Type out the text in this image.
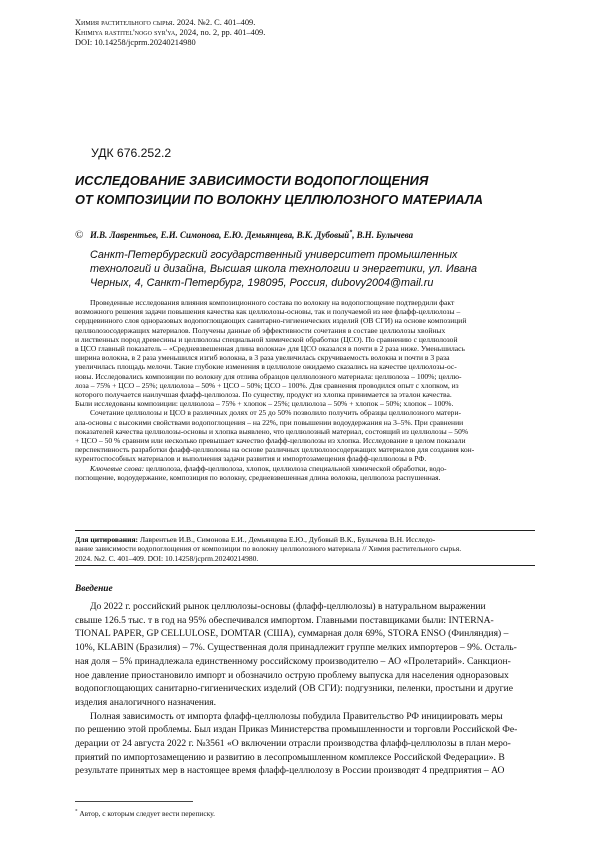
Химия растительного сырья. 2024. №2. С. 401–409.
Khimiya rastitel'nogo syr'ya, 2024, no. 2, pp. 401–409.
DOI: 10.14258/jcprm.20240214980
УДК 676.252.2
ИССЛЕДОВАНИЕ ЗАВИСИМОСТИ ВОДОПОГЛОЩЕНИЯ
ОТ КОМПОЗИЦИИ ПО ВОЛОКНУ ЦЕЛЛЮЛОЗНОГО МАТЕРИАЛА
© И.В. Лаврентьев, Е.И. Симонова, Е.Ю. Демьянцева, В.К. Дубовый*, В.Н. Булычева
Санкт-Петербургский государственный университет промышленных
технологий и дизайна, Высшая школа технологии и энергетики, ул. Ивана
Черных, 4, Санкт-Петербург, 198095, Россия, dubovy2004@mail.ru
Проведенные исследования влияния композиционного состава по волокну на водопоглощение подтвердили факт
возможного решения задачи повышения качества как целлюлозы-основы, так и получаемой из нее флафф-целлюлозы –
сердцевинного слоя одноразовых водопоглощающих санитарно-гигиенических изделий (ОВ СГИ) на основе композиций
целлюлозосодержащих материалов. Получены данные об эффективности сочетания в составе целлюлозы хвойных
и лиственных пород древесины и целлюлозы специальной химической обработки (ЦСО). По сравнению с целлюлозой
в ЦСО главный показатель – «Средневзвешенная длина волокна» для ЦСО оказался в почти в 2 раза ниже. Уменьшилась
ширина волокна, в 2 раза уменьшился изгиб волокна, в 3 раза увеличилась скручиваемость волокна и почти в 3 раза
увеличилась площадь мелочи. Такие глубокие изменения в целлюлозе ожидаемо сказались на качестве целлюлозы-ос-
новы. Исследовались композиции по волокну для отлива образцов целлюлозного материала: целлюлоза – 100%; целлю-
лоза – 75% + ЦСО – 25%; целлюлоза – 50% + ЦСО – 50%; ЦСО – 100%. Для сравнения проводился опыт с хлопком, из
которого получается наилучшая флафф-целлюлоза. По существу, продукт из хлопка принимается за эталон качества.
Были исследованы композиции: целлюлоза – 75% + хлопок – 25%; целлюлоза – 50% + хлопок – 50%; хлопок – 100%.
Сочетание целлюлозы и ЦСО в различных долях от 25 до 50% позволило получить образцы целлюлозного матери-
ала-основы с высокими свойствами водопоглощения – на 22%, при повышении водоудержания на 3–5%. При сравнении
показателей качества целлюлозы-основы и хлопка выявлено, что целлюлозный материал, состоящий из целлюлозы – 50%
+ ЦСО – 50 % сравним или несколько превышает качество флафф-целлюлозы из хлопка. Исследование в целом показали
перспективность разработки флафф-целлюлоны на основе различных целлюлозосодержащих материалов для создания кон-
курентоспособных материалов и выполнения задачи развития и импортозамещения флафф-целлюлозы в РФ.
Ключевые слова: целлюлоза, флафф-целлюлоза, хлопок, целлюлоза специальной химической обработки, водо-
поглощение, водоудержание, композиция по волокну, средневзвешенная длина волокна, целлюлоза распушенная.
Для цитирования: Лаврентьев И.В., Симонова Е.И., Демьянцева Е.Ю., Дубовый В.К., Булычева В.Н. Исследо-
вание зависимости водопоглощения от композиции по волокну целлюлозного материала // Химия растительного сырья.
2024. №2. С. 401–409. DOI: 10.14258/jcprm.20240214980.
Введение
До 2022 г. российский рынок целлюлозы-основы (флафф-целлюлозы) в натуральном выражении
свыше 126.5 тыс. т в год на 95% обеспечивался импортом. Главными поставщиками были: INTERNA-
TIONAL PAPER, GP CELLULOSE, DOMTAR (США), суммарная доля 69%, STORA ENSO (Финляндия) –
10%, KLABIN (Бразилия) – 7%. Существенная доля принадлежит группе мелких импортеров – 9%. Осталь-
ная доля – 5% принадлежала единственному российскому производителю – АО «Пролетарий». Санкцион-
ное давление приостановило импорт и обозначило острую проблему выпуска для населения одноразовых
водопоглощающих санитарно-гигиенических изделий (ОВ СГИ): подгузники, пеленки, простыни и другие
изделия аналогичного назначения.
Полная зависимость от импорта флафф-целлюлозы побудила Правительство РФ инициировать меры
по решению этой проблемы. Был издан Приказ Министерства промышленности и торговли Российской Фе-
дерации от 24 августа 2022 г. №3561 «О включении отрасли производства флафф-целлюлозы в план меро-
приятий по импортозамещению и развитию в лесопромышленном комплексе Российской Федерации». В
результате принятых мер в настоящее время флафф-целлюлозу в России производят 4 предприятия – АО
* Автор, с которым следует вести переписку.
